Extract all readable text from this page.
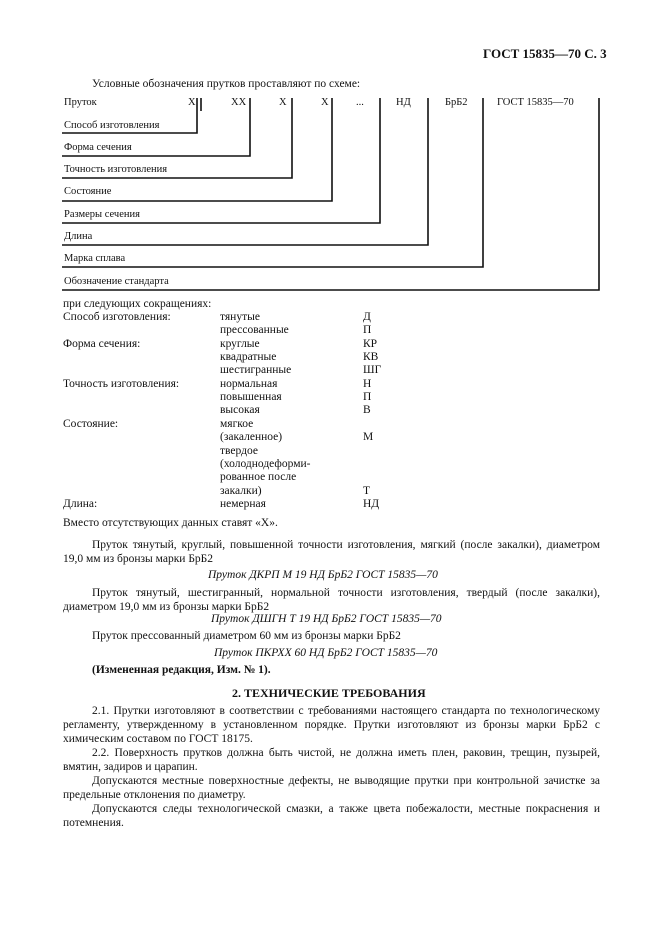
ГОСТ 15835—70 С. 3
Условные обозначения прутков проставляют по схеме:
Пруток	Х	ХХ	Х	Х	...	НД	БрБ2	ГОСТ 15835—70
Способ изготовления
Форма сечения
Точность изготовления
Состояние
Размеры сечения
Длина
Марка сплава
Обозначение стандарта
при следующих сокращениях:
Способ изготовления:	тянутые	Д
прессованные	П
Форма сечения:	круглые	КР
квадратные	КВ
шестигранные	ШГ
Точность изготовления:	нормальная	Н
повышенная	П
высокая	В
Состояние:	мягкое
(закаленное)	М
твердое
(холоднодеформи-
рованное после
закалки)	Т
Длина:	немерная	НД
Вместо отсутствующих данных ставят «Х».
Пруток тянутый, круглый, повышенной точности изготовления, мягкий (после закалки), диаметром 19,0 мм из бронзы марки БрБ2
Пруток ДКРП М 19 НД БрБ2 ГОСТ 15835—70
Пруток тянутый, шестигранный, нормальной точности изготовления, твердый (после закалки), диаметром 19,0 мм из бронзы марки БрБ2
Пруток ДШГН Т 19 НД БрБ2 ГОСТ 15835—70
Пруток прессованный диаметром 60 мм из бронзы марки БрБ2
Пруток ПКРХХ 60 НД БрБ2 ГОСТ 15835—70
(Измененная редакция, Изм. № 1).
2. ТЕХНИЧЕСКИЕ ТРЕБОВАНИЯ
2.1. Прутки изготовляют в соответствии с требованиями настоящего стандарта по технологическому регламенту, утвержденному в установленном порядке. Прутки изготовляют из бронзы марки БрБ2 с химическим составом по ГОСТ 18175.
2.2. Поверхность прутков должна быть чистой, не должна иметь плен, раковин, трещин, пузырей, вмятин, задиров и царапин.
Допускаются местные поверхностные дефекты, не выводящие прутки при контрольной зачистке за предельные отклонения по диаметру.
Допускаются следы технологической смазки, а также цвета побежалости, местные покраснения и потемнения.
